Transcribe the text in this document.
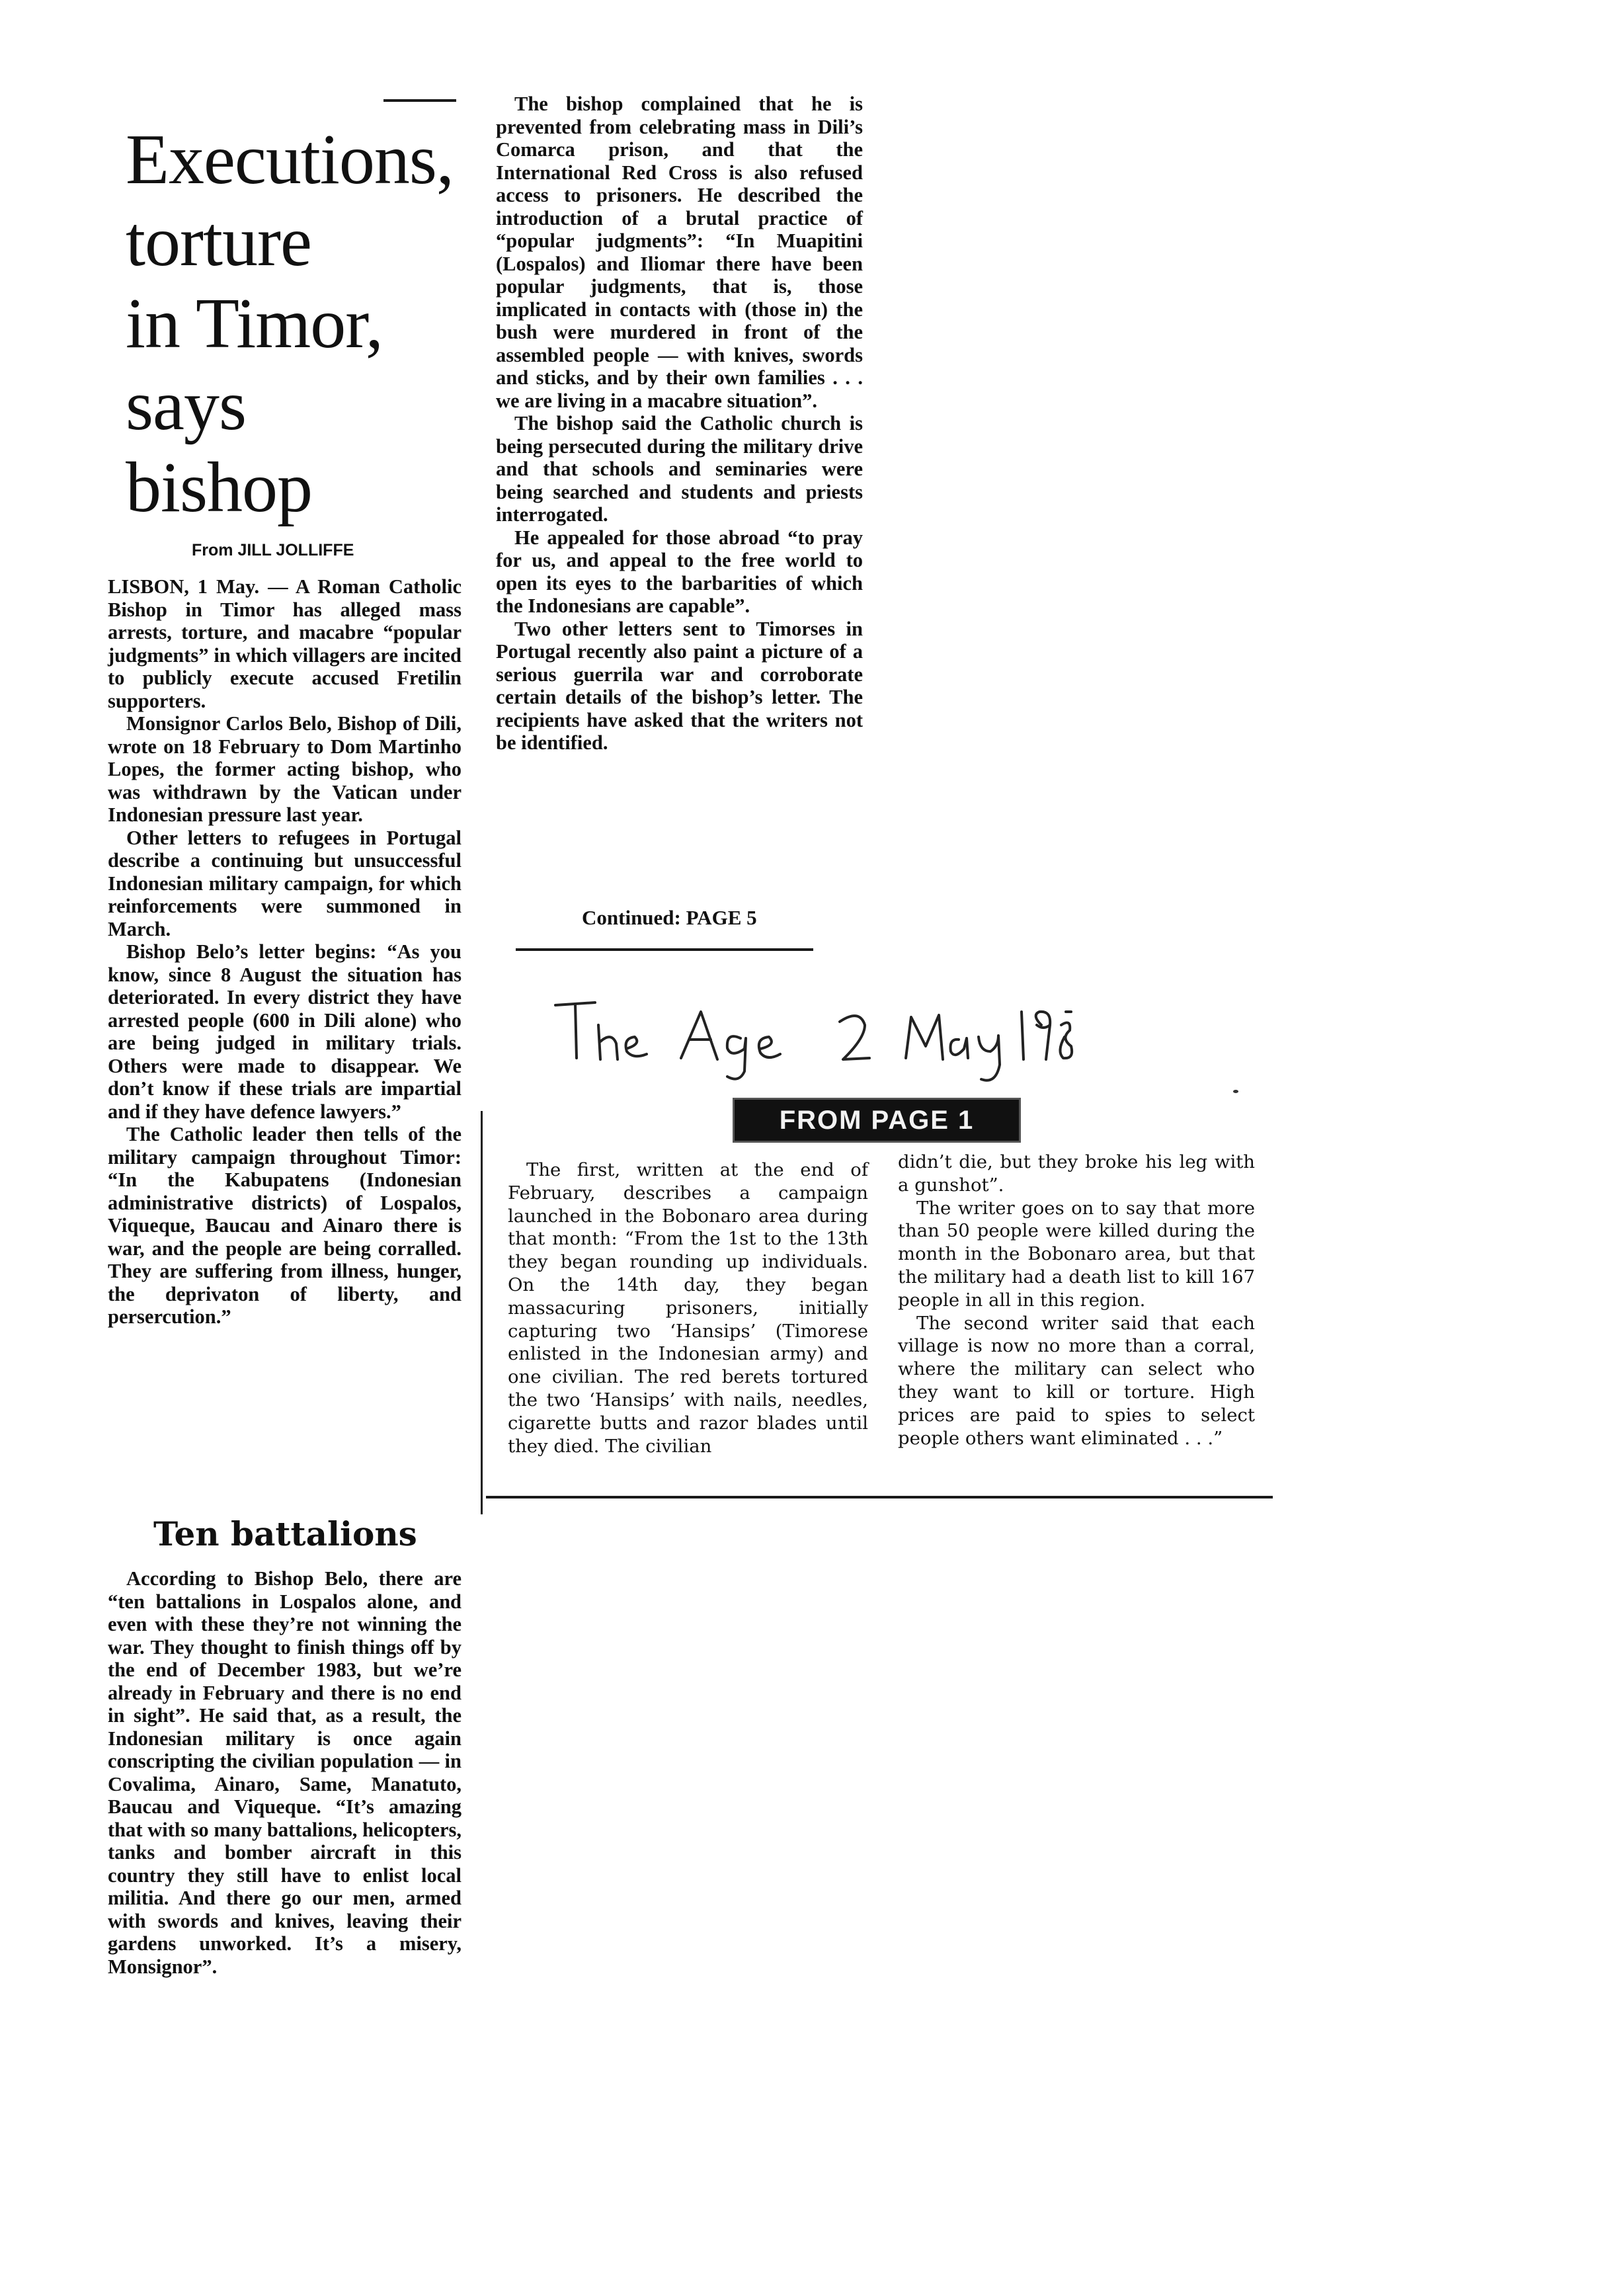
Executions,
torture
in Timor,
says
bishop
From JILL JOLLIFFE

LISBON, 1 May. — A Roman Catholic Bishop in Timor has alleged mass arrests, torture, and macabre “popular judgments” in which villagers are incited to publicly execute accused Fretilin supporters.

Monsignor Carlos Belo, Bishop of Dili, wrote on 18 February to Dom Martinho Lopes, the former acting bishop, who was withdrawn by the Vatican under Indonesian pressure last year.

Other letters to refugees in Portugal describe a continuing but unsuccessful Indonesian military campaign, for which reinforcements were summoned in March.

Bishop Belo’s letter begins: “As you know, since 8 August the situation has deteriorated. In every district they have arrested people (600 in Dili alone) who are being judged in military trials. Others were made to disappear. We don’t know if these trials are impartial and if they have defence lawyers.”

The Catholic leader then tells of the military campaign throughout Timor: “In the Kabupatens (Indonesian administrative districts) of Lospalos, Viqueque, Baucau and Ainaro there is war, and the people are being corralled. They are suffering from illness, hunger, the deprivaton of liberty, and persercution.”

Ten battalions

According to Bishop Belo, there are “ten battalions in Lospalos alone, and even with these they’re not winning the war. They thought to finish things off by the end of December 1983, but we’re already in February and there is no end in sight”. He said that, as a result, the Indonesian military is once again conscripting the civilian population — in Covalima, Ainaro, Same, Manatuto, Baucau and Viqueque. “It’s amazing that with so many battalions, helicopters, tanks and bomber aircraft in this country they still have to enlist local militia. And there go our men, armed with swords and knives, leaving their gardens unworked. It’s a misery, Monsignor”.

The bishop complained that he is prevented from celebrating mass in Dili’s Comarca prison, and that the International Red Cross is also refused access to prisoners. He described the introduction of a brutal practice of “popular judgments”: “In Muapitini (Lospalos) and Iliomar there have been popular judgments, that is, those implicated in contacts with (those in) the bush were murdered in front of the assembled people — with knives, swords and sticks, and by their own families . . . we are living in a macabre situation”.

The bishop said the Catholic church is being persecuted during the military drive and that schools and seminaries were being searched and students and priests interrogated.

He appealed for those abroad “to pray for us, and appeal to the free world to open its eyes to the barbarities of which the Indonesians are capable”.

Two other letters sent to Timorses in Portugal recently also paint a picture of a serious guerrila war and corroborate certain details of the bishop’s letter. The recipients have asked that the writers not be identified.

Continued: PAGE 5
FROM PAGE 1

The first, written at the end of February, describes a campaign launched in the Bobonaro area during that month: “From the 1st to the 13th they began rounding up individuals. On the 14th day, they began massacuring prisoners, initially capturing two ‘Hansips’ (Timorese enlisted in the Indonesian army) and one civilian. The red berets tortured the two ‘Hansips’ with nails, needles, cigarette butts and razor blades until they died. The civilian

didn’t die, but they broke his leg with a gunshot”.

The writer goes on to say that more than 50 people were killed during the month in the Bobonaro area, but that the military had a death list to kill 167 people in all in this region.

The second writer said that each village is now no more than a corral, where the military can select who they want to kill or torture. High prices are paid to spies to select people others want eliminated . . .”
